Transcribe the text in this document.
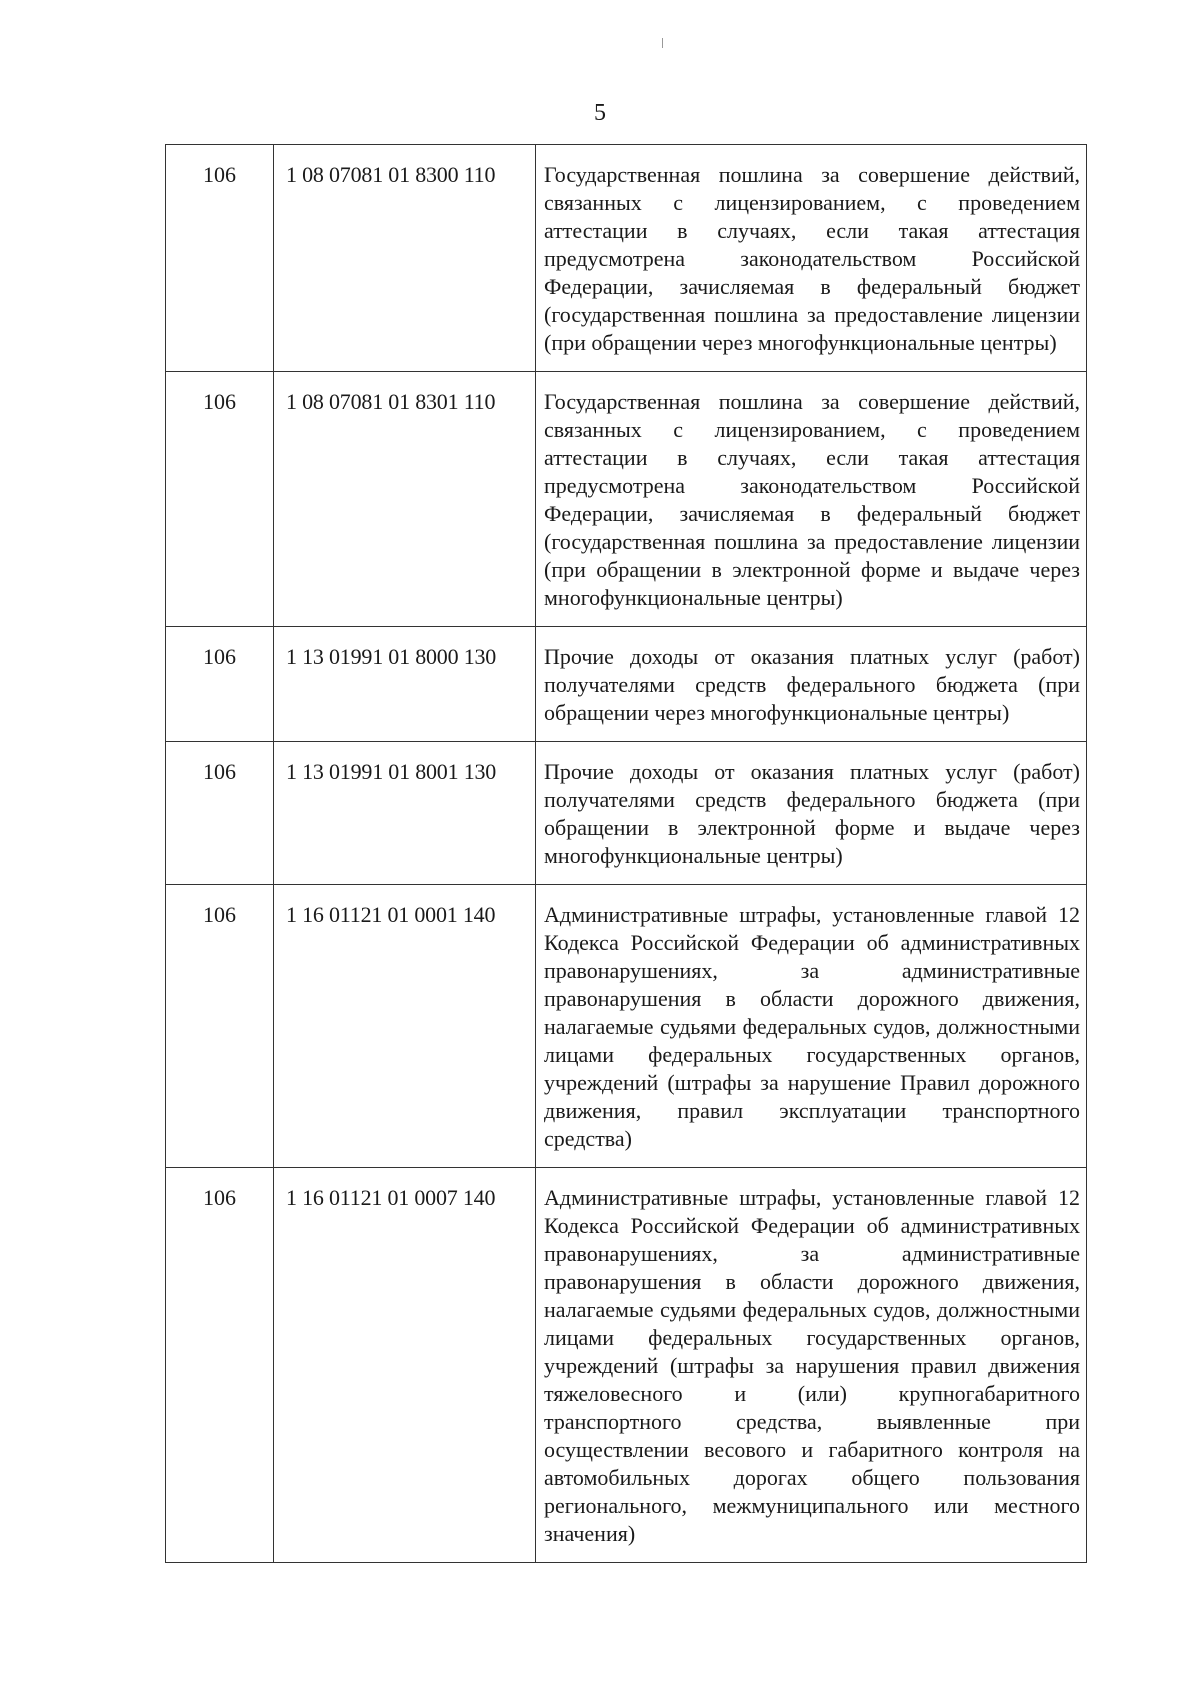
5
106	1 08 07081 01 8300 110	Государственная пошлина за совершение действий, связанных с лицензированием, с проведением аттестации в случаях, если такая аттестация предусмотрена законодательством Российской Федерации, зачисляемая в федеральный бюджет (государственная пошлина за предоставление лицензии (при обращении через многофункциональные центры)
106	1 08 07081 01 8301 110	Государственная пошлина за совершение действий, связанных с лицензированием, с проведением аттестации в случаях, если такая аттестация предусмотрена законодательством Российской Федерации, зачисляемая в федеральный бюджет (государственная пошлина за предоставление лицензии (при обращении в электронной форме и выдаче через многофункциональные центры)
106	1 13 01991 01 8000 130	Прочие доходы от оказания платных услуг (работ) получателями средств федерального бюджета (при обращении через многофункциональные центры)
106	1 13 01991 01 8001 130	Прочие доходы от оказания платных услуг (работ) получателями средств федерального бюджета (при обращении в электронной форме и выдаче через многофункциональные центры)
106	1 16 01121 01 0001 140	Административные штрафы, установленные главой 12 Кодекса Российской Федерации об административных правонарушениях, за административные правонарушения в области дорожного движения, налагаемые судьями федеральных судов, должностными лицами федеральных государственных органов, учреждений (штрафы за нарушение Правил дорожного движения, правил эксплуатации транспортного средства)
106	1 16 01121 01 0007 140	Административные штрафы, установленные главой 12 Кодекса Российской Федерации об административных правонарушениях, за административные правонарушения в области дорожного движения, налагаемые судьями федеральных судов, должностными лицами федеральных государственных органов, учреждений (штрафы за нарушения правил движения тяжеловесного и (или) крупногабаритного транспортного средства, выявленные при осуществлении весового и габаритного контроля на автомобильных дорогах общего пользования регионального, межмуниципального или местного значения)
